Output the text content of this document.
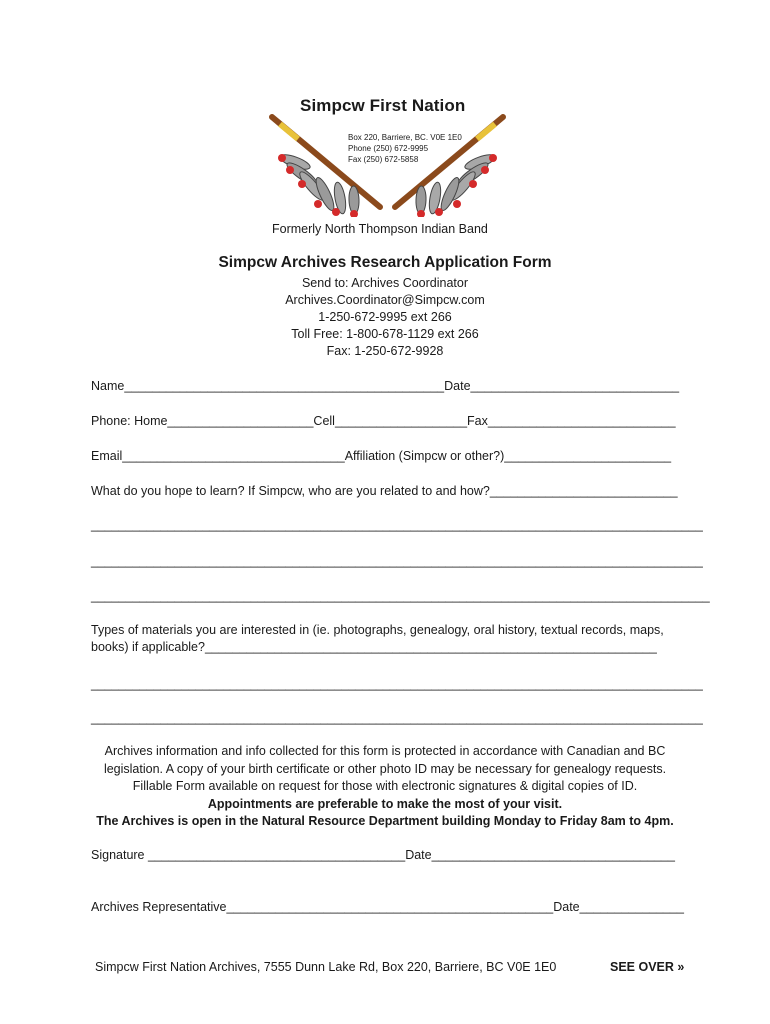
Simpcw First Nation
Box 220, Barriere, BC. V0E 1E0
Phone (250) 672-9995
Fax (250) 672-5858
Formerly North Thompson Indian Band
Simpcw Archives Research Application Form
Send to: Archives Coordinator
Archives.Coordinator@Simpcw.com
1-250-672-9995 ext 266
Toll Free: 1-800-678-1129 ext 266
Fax: 1-250-672-9928
Name______________________________________________Date______________________________
Phone: Home_____________________Cell___________________Fax___________________________
Email________________________________Affiliation (Simpcw or other?)________________________
What do you hope to learn? If Simpcw, who are you related to and how?___________________________
________________________________________________________________________________________
________________________________________________________________________________________
_________________________________________________________________________________________
Types of materials you are interested in (ie. photographs, genealogy, oral history, textual records, maps,
books) if applicable?_________________________________________________________________
________________________________________________________________________________________
________________________________________________________________________________________
Archives information and info collected for this form is protected in accordance with Canadian and BC
legislation. A copy of your birth certificate or other photo ID may be necessary for genealogy requests.
Fillable Form available on request for those with electronic signatures & digital copies of ID.
Appointments are preferable to make the most of your visit.
The Archives is open in the Natural Resource Department building Monday to Friday 8am to 4pm.
Signature _____________________________________Date___________________________________
Archives Representative_______________________________________________Date_______________
Simpcw First Nation Archives, 7555 Dunn Lake Rd, Box 220, Barriere, BC V0E 1E0	SEE OVER »
